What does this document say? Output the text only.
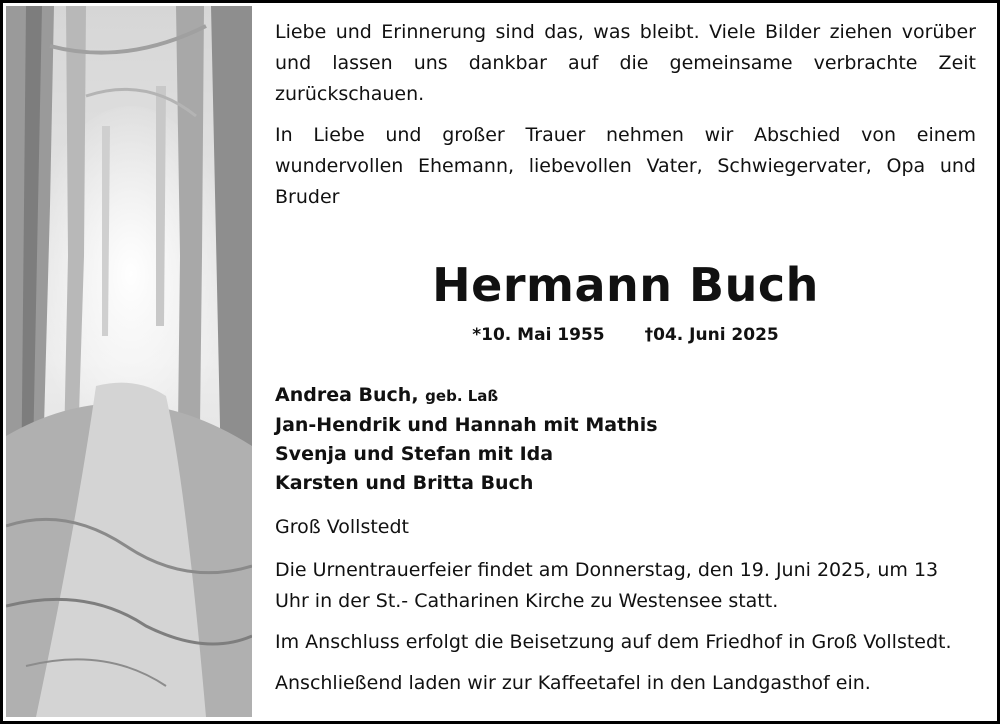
Liebe und Erinnerung sind das, was bleibt. Viele Bilder ziehen vorüber und lassen uns dankbar auf die gemeinsame verbrachte Zeit zurückschauen.

In Liebe und großer Trauer nehmen wir Abschied von einem wundervollen Ehemann, liebevollen Vater, Schwiegervater, Opa und Bruder

Hermann Buch
*10. Mai 1955 †04. Juni 2025
Andrea Buch, geb. Laß
Jan-Hendrik und Hannah mit Mathis
Svenja und Stefan mit Ida
Karsten und Britta Buch

Groß Vollstedt

Die Urnentrauerfeier findet am Donnerstag, den 19. Juni 2025, um 13 Uhr in der St.- Catharinen Kirche zu Westensee statt.

Im Anschluss erfolgt die Beisetzung auf dem Friedhof in Groß Vollstedt.

Anschließend laden wir zur Kaffeetafel in den Landgasthof ein.
